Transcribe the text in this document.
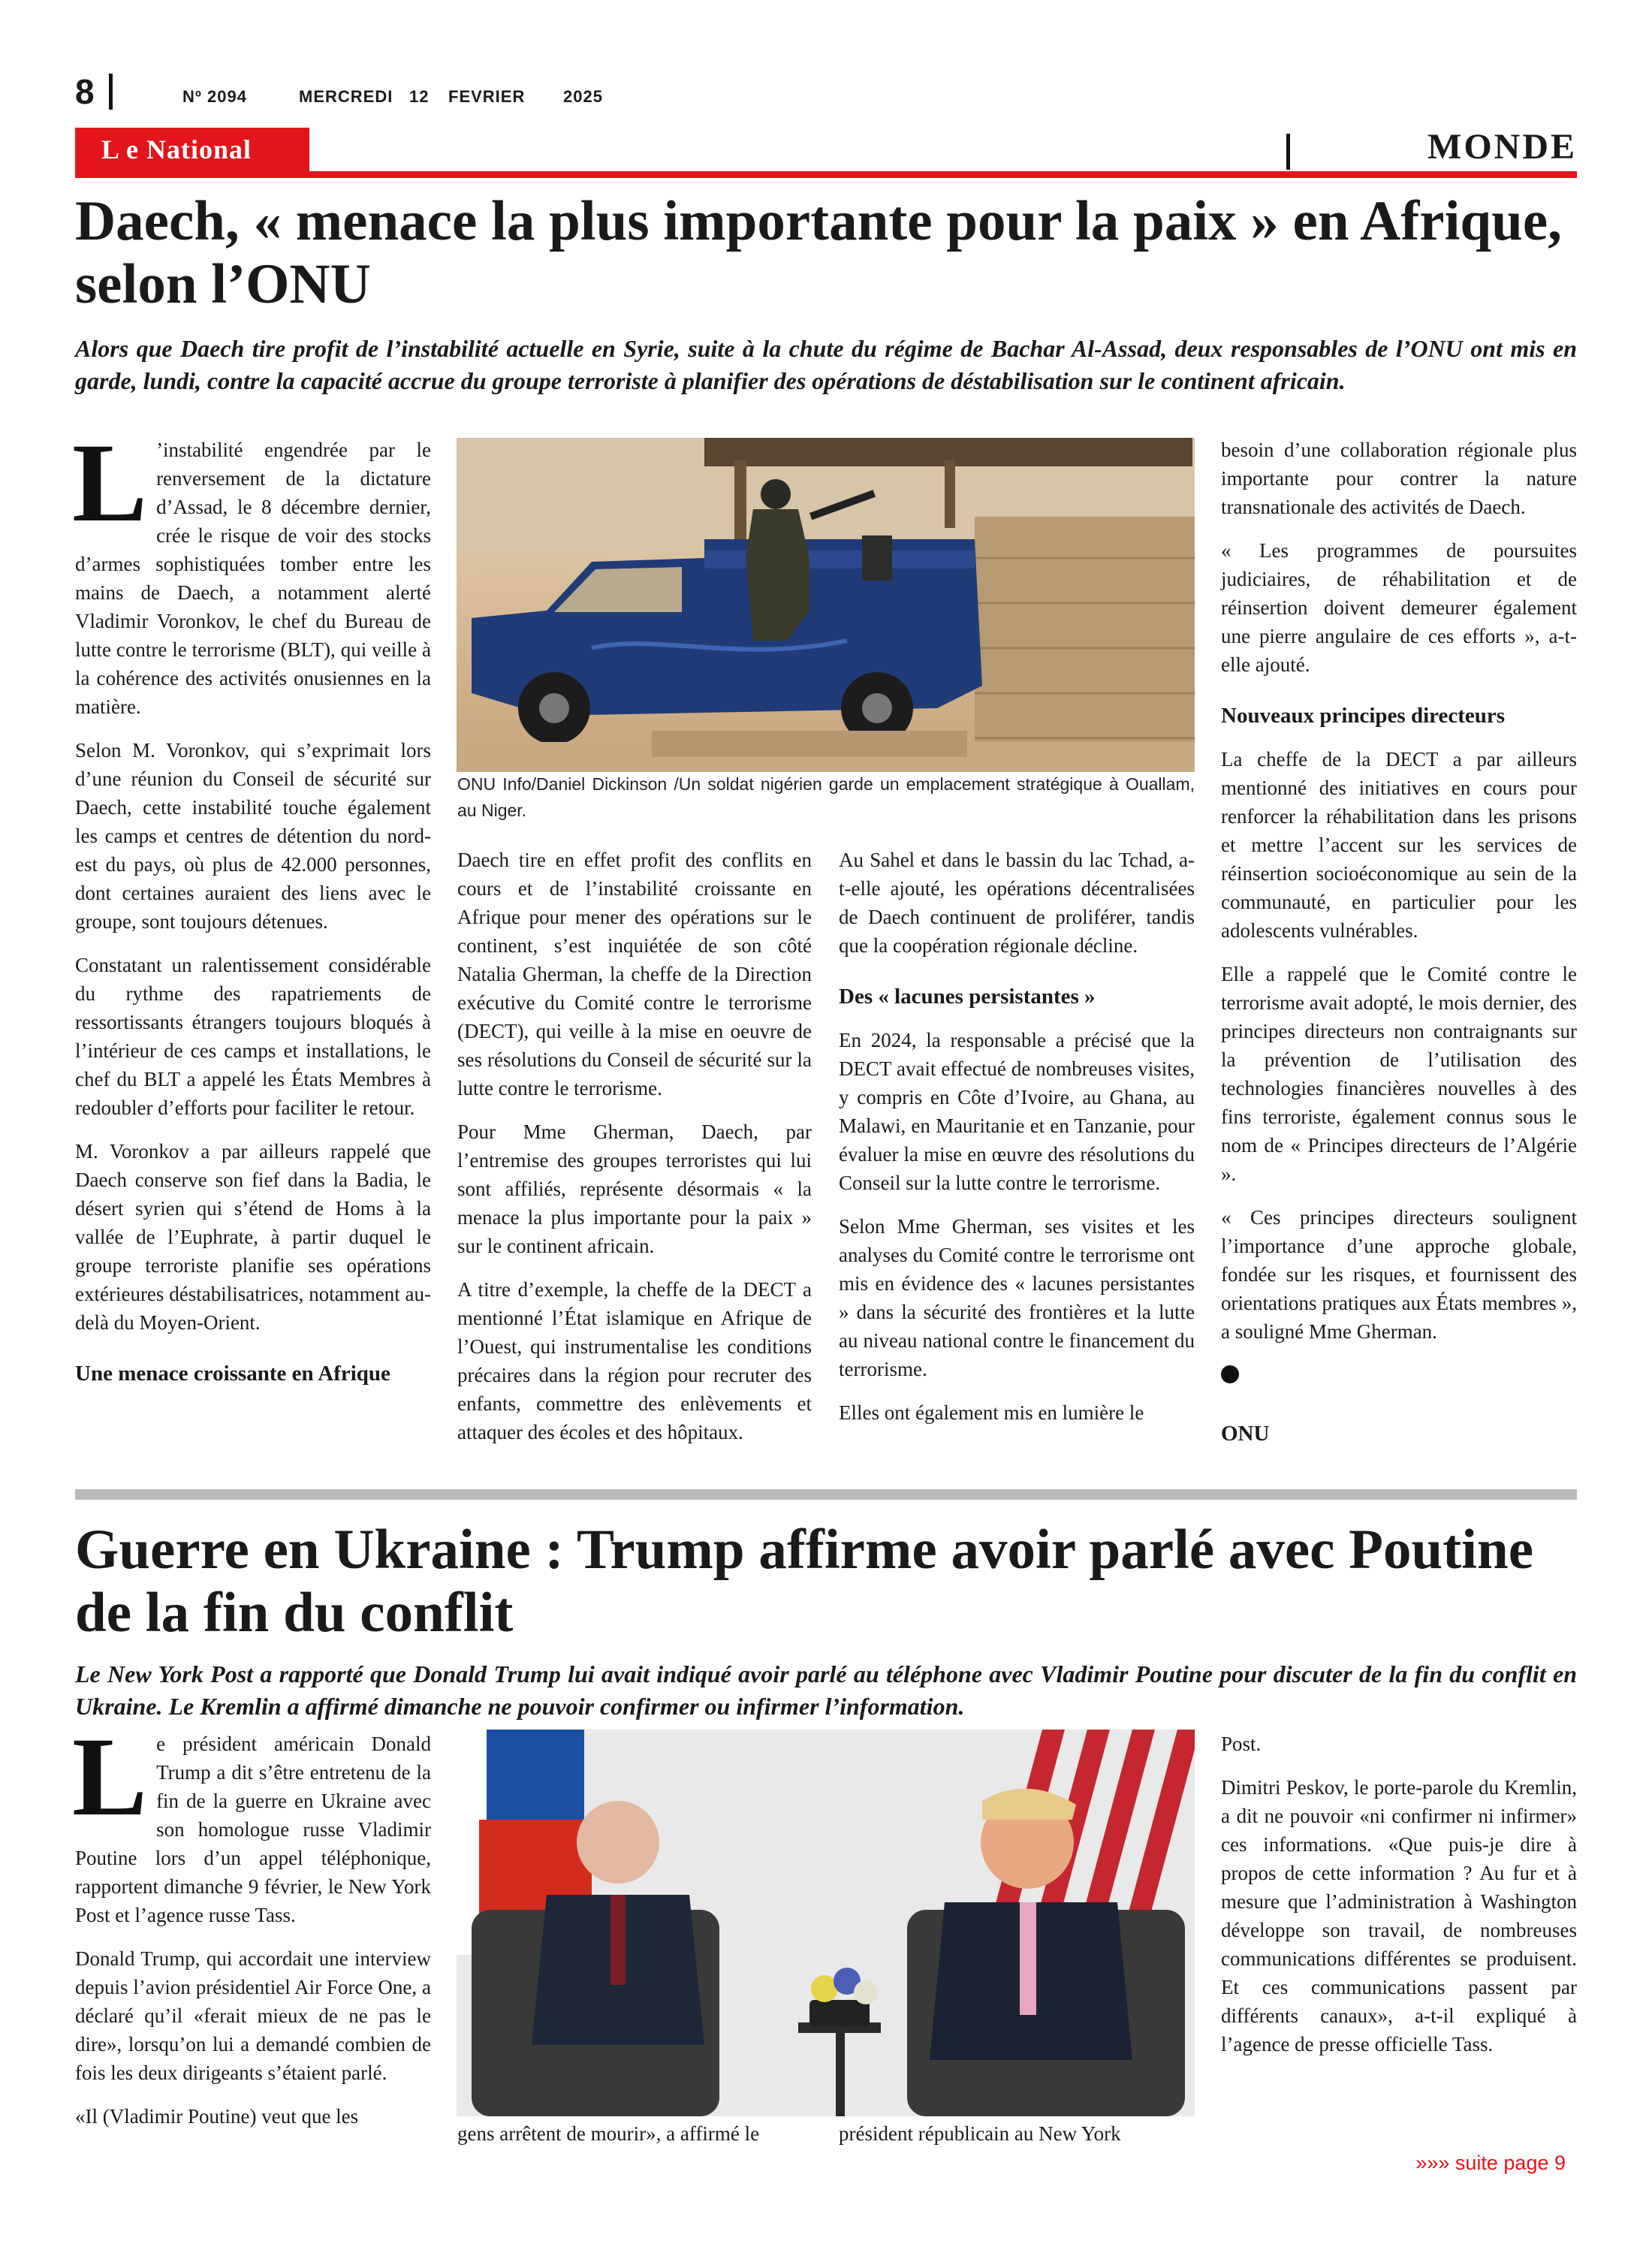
8	Nº 2094	MERCREDI 12 FEVRIER 2025
L e National	MONDE
Daech, « menace la plus importante pour la paix » en Afrique, selon l’ONU

Alors que Daech tire profit de l’instabilité actuelle en Syrie, suite à la chute du régime de Bachar Al-Assad, deux responsables de l’ONU ont mis en garde, lundi, contre la capacité accrue du groupe terroriste à planifier des opérations de déstabilisation sur le continent africain.

L ’instabilité engendrée par le renversement de la dictature d’Assad, le 8 décembre dernier, crée le risque de voir des stocks d’armes sophistiquées tomber entre les mains de Daech, a notamment alerté Vladimir Voronkov, le chef du Bureau de lutte contre le terrorisme (BLT), qui veille à la cohérence des activités onusiennes en la matière.

Selon M. Voronkov, qui s’exprimait lors d’une réunion du Conseil de sécurité sur Daech, cette instabilité touche également les camps et centres de détention du nord-est du pays, où plus de 42.000 personnes, dont certaines auraient des liens avec le groupe, sont toujours détenues.

Constatant un ralentissement considérable du rythme des rapatriements de ressortissants étrangers toujours bloqués à l’intérieur de ces camps et installations, le chef du BLT a appelé les États Membres à redoubler d’efforts pour faciliter le retour.

M. Voronkov a par ailleurs rappelé que Daech conserve son fief dans la Badia, le désert syrien qui s’étend de Homs à la vallée de l’Euphrate, à partir duquel le groupe terroriste planifie ses opérations extérieures déstabilisatrices, notamment au-delà du Moyen-Orient.

Une menace croissante en Afrique
ONU Info/Daniel Dickinson /Un soldat nigérien garde un emplacement stratégique à Ouallam, au Niger.

Daech tire en effet profit des conflits en cours et de l’instabilité croissante en Afrique pour mener des opérations sur le continent, s’est inquiétée de son côté Natalia Gherman, la cheffe de la Direction exécutive du Comité contre le terrorisme (DECT), qui veille à la mise en oeuvre de ses résolutions du Conseil de sécurité sur la lutte contre le terrorisme.

Pour Mme Gherman, Daech, par l’entremise des groupes terroristes qui lui sont affiliés, représente désormais « la menace la plus importante pour la paix » sur le continent africain.

A titre d’exemple, la cheffe de la DECT a mentionné l’État islamique en Afrique de l’Ouest, qui instrumentalise les conditions précaires dans la région pour recruter des enfants, commettre des enlèvements et attaquer des écoles et des hôpitaux.

Au Sahel et dans le bassin du lac Tchad, a-t-elle ajouté, les opérations décentralisées de Daech continuent de proliférer, tandis que la coopération régionale décline.

Des « lacunes persistantes »

En 2024, la responsable a précisé que la DECT avait effectué de nombreuses visites, y compris en Côte d’Ivoire, au Ghana, au Malawi, en Mauritanie et en Tanzanie, pour évaluer la mise en œuvre des résolutions du Conseil sur la lutte contre le terrorisme.

Selon Mme Gherman, ses visites et les analyses du Comité contre le terrorisme ont mis en évidence des « lacunes persistantes » dans la sécurité des frontières et la lutte au niveau national contre le financement du terrorisme.

Elles ont également mis en lumière le

besoin d’une collaboration régionale plus importante pour contrer la nature transnationale des activités de Daech.

« Les programmes de poursuites judiciaires, de réhabilitation et de réinsertion doivent demeurer également une pierre angulaire de ces efforts », a-t-elle ajouté.

Nouveaux principes directeurs

La cheffe de la DECT a par ailleurs mentionné des initiatives en cours pour renforcer la réhabilitation dans les prisons et mettre l’accent sur les services de réinsertion socioéconomique au sein de la communauté, en particulier pour les adolescents vulnérables.

Elle a rappelé que le Comité contre le terrorisme avait adopté, le mois dernier, des principes directeurs non contraignants sur la prévention de l’utilisation des technologies financières nouvelles à des fins terroriste, également connus sous le nom de « Principes directeurs de l’Algérie ».

« Ces principes directeurs soulignent l’importance d’une approche globale, fondée sur les risques, et fournissent des orientations pratiques aux États membres », a souligné Mme Gherman.

ONU
Guerre en Ukraine : Trump affirme avoir parlé avec Poutine de la fin du conflit

Le New York Post a rapporté que Donald Trump lui avait indiqué avoir parlé au téléphone avec Vladimir Poutine pour discuter de la fin du conflit en Ukraine. Le Kremlin a affirmé dimanche ne pouvoir confirmer ou infirmer l’information.

Le président américain Donald Trump a dit s’être entretenu de la fin de la guerre en Ukraine avec son homologue russe Vladimir Poutine lors d’un appel téléphonique, rapportent dimanche 9 février, le New York Post et l’agence russe Tass.

Donald Trump, qui accordait une interview depuis l’avion présidentiel Air Force One, a déclaré qu’il «ferait mieux de ne pas le dire», lorsqu’on lui a demandé combien de fois les deux dirigeants s’étaient parlé.

«Il (Vladimir Poutine) veut que les

gens arrêtent de mourir», a affirmé le	président républicain au New York

Post.

Dimitri Peskov, le porte-parole du Kremlin, a dit ne pouvoir «ni confirmer ni infirmer» ces informations. «Que puis-je dire à propos de cette information ? Au fur et à mesure que l’administration à Washington développe son travail, de nombreuses communications différentes se produisent. Et ces communications passent par différents canaux», a-t-il expliqué à l’agence de presse officielle Tass.

»»» suite page 9
